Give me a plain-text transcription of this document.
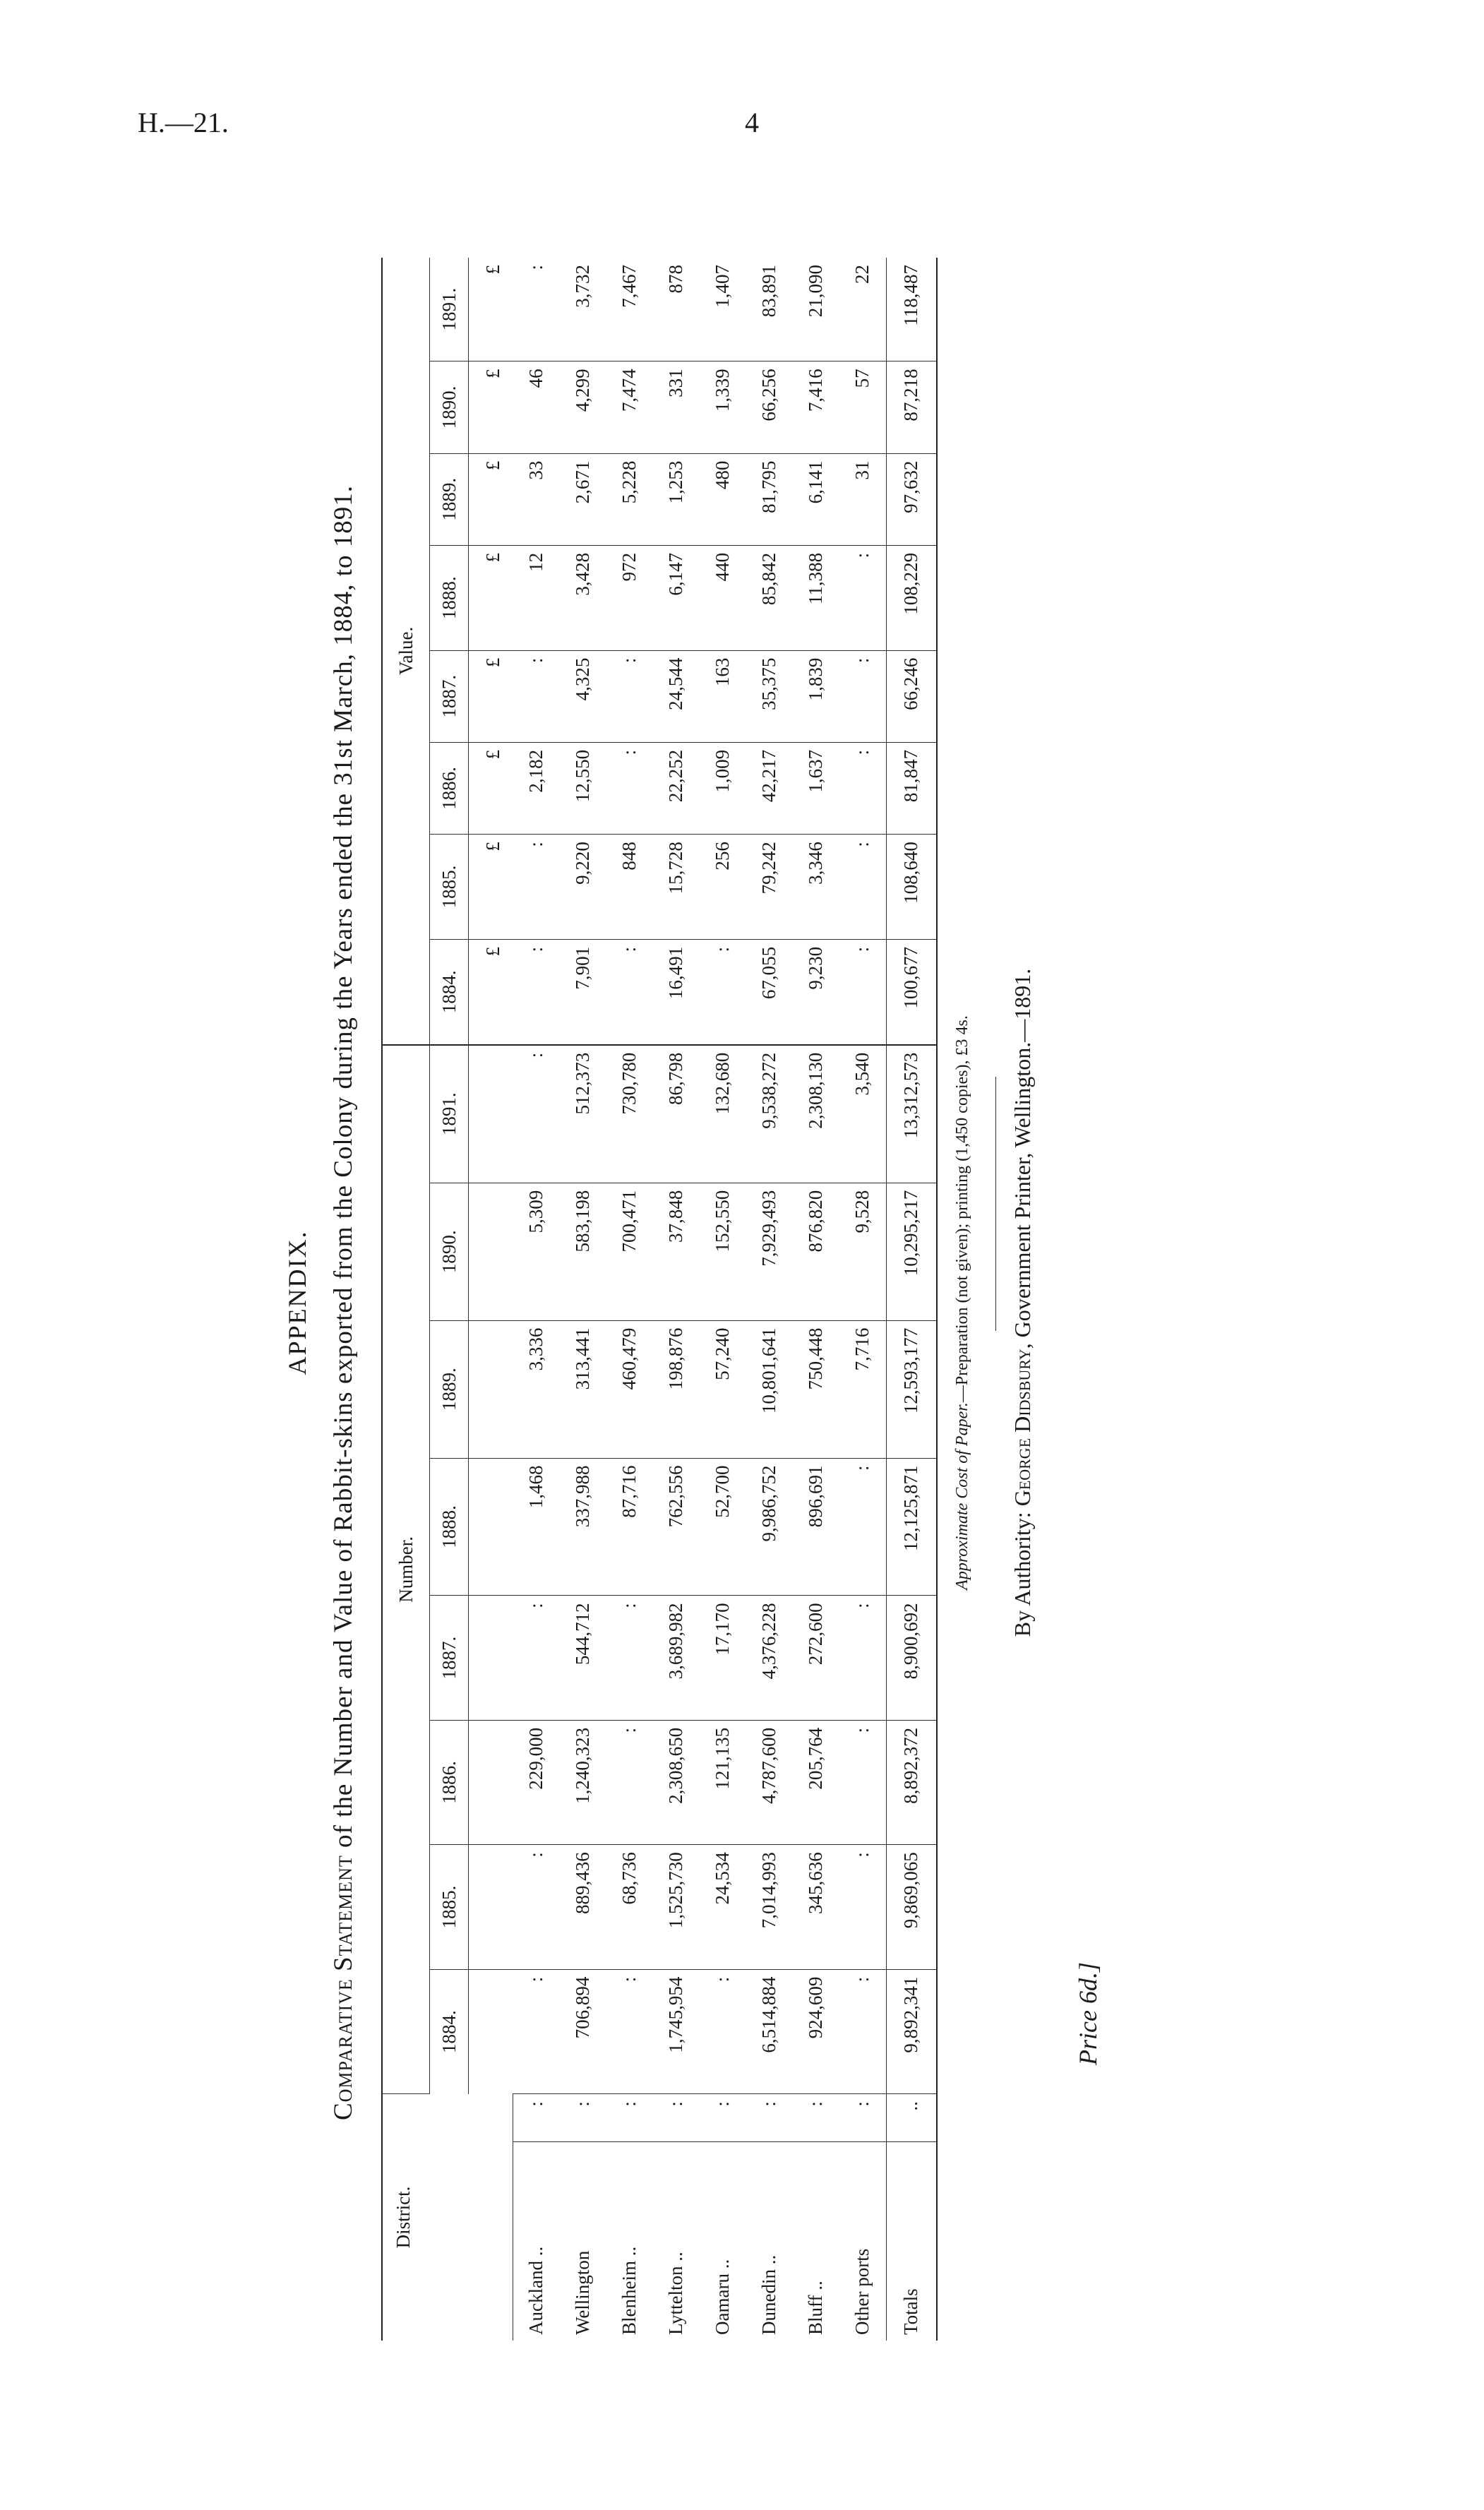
H.—21.	4
APPENDIX.
Comparative Statement of the Number and Value of Rabbit-skins exported from the Colony during the Years ended the 31st March, 1884, to 1891.
District.		Number.								Value.							
		1884.	1885.	1886.	1887.	1888.	1889.	1890.	1891.	1884.	1885.	1886.	1887.	1888.	1889.	1890.	1891.
										£	£	£	£	£	£	£	£
Auckland ..	:	:	:	229,000	:	1,468	3,336	5,309	:	:	:	2,182	:	12	33	46	:
Wellington	:	706,894	889,436	1,240,323	544,712	337,988	313,441	583,198	512,373	7,901	9,220	12,550	4,325	3,428	2,671	4,299	3,732
Blenheim ..	:	:	68,736	:	:	87,716	460,479	700,471	730,780	:	848	:	:	972	5,228	7,474	7,467
Lyttelton ..	:	1,745,954	1,525,730	2,308,650	3,689,982	762,556	198,876	37,848	86,798	16,491	15,728	22,252	24,544	6,147	1,253	331	878
Oamaru ..	:	:	24,534	121,135	17,170	52,700	57,240	152,550	132,680	:	256	1,009	163	440	480	1,339	1,407
Dunedin ..	:	6,514,884	7,014,993	4,787,600	4,376,228	9,986,752	10,801,641	7,929,493	9,538,272	67,055	79,242	42,217	35,375	85,842	81,795	66,256	83,891
Bluff ..	:	924,609	345,636	205,764	272,600	896,691	750,448	876,820	2,308,130	9,230	3,346	1,637	1,839	11,388	6,141	7,416	21,090
Other ports	:	:	:	:	:	:	7,716	9,528	3,540	:	:	:	:	:	31	57	22
Totals	..	9,892,341	9,869,065	8,892,372	8,900,692	12,125,871	12,593,177	10,295,217	13,312,573	100,677	108,640	81,847	66,246	108,229	97,632	87,218	118,487
Approximate Cost of Paper.—Preparation (not given); printing (1,450 copies), £3 4s.
By Authority: George Didsbury, Government Printer, Wellington.—1891.
Price 6d.]
